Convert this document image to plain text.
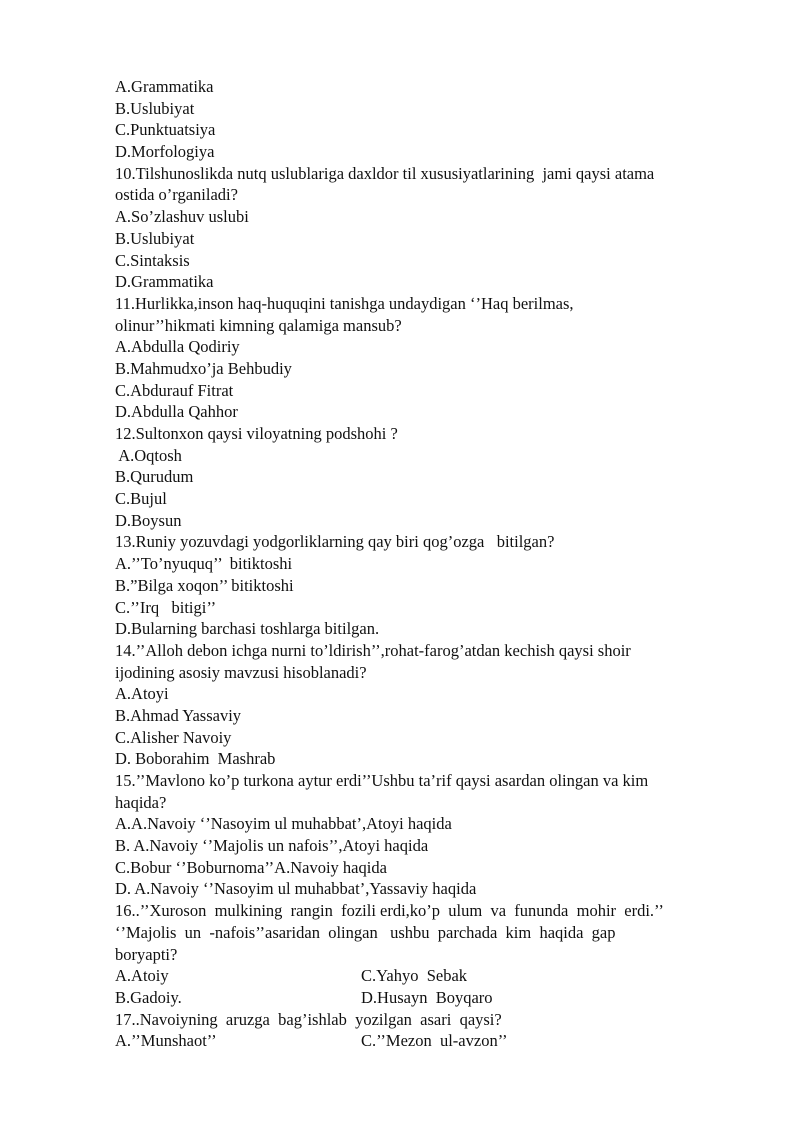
A.Grammatika
B.Uslubiyat
C.Punktuatsiya
D.Morfologiya
10.Tilshunoslikda nutq uslublariga daxldor til xususiyatlarining  jami qaysi atama
ostida o’rganiladi?
A.So’zlashuv uslubi
B.Uslubiyat
C.Sintaksis
D.Grammatika
11.Hurlikka,inson haq-huquqini tanishga undaydigan ‘’Haq berilmas,
olinur’’hikmati kimning qalamiga mansub?
A.Abdulla Qodiriy
B.Mahmudxo’ja Behbudiy
C.Abdurauf Fitrat
D.Abdulla Qahhor
12.Sultonxon qaysi viloyatning podshohi ?
A.Oqtosh
B.Qurudum
C.Bujul
D.Boysun
13.Runiy yozuvdagi yodgorliklarning qay biri qog’ozga   bitilgan?
A.’’To’nyuquq’’  bitiktoshi
B.”Bilga xoqon’’ bitiktoshi
C.’’Irq   bitigi’’
D.Bularning barchasi toshlarga bitilgan.
14.’’Alloh debon ichga nurni to’ldirish’’,rohat-farog’atdan kechish qaysi shoir
ijodining asosiy mavzusi hisoblanadi?
A.Atoyi
B.Ahmad Yassaviy
C.Alisher Navoiy
D. Boborahim  Mashrab
15.’’Mavlono ko’p turkona aytur erdi’’Ushbu ta’rif qaysi asardan olingan va kim
haqida?
A.A.Navoiy ‘’Nasoyim ul muhabbat’,Atoyi haqida
B. A.Navoiy ‘’Majolis un nafois’’,Atoyi haqida
C.Bobur ‘’Boburnoma’’A.Navoiy haqida
D. A.Navoiy ‘’Nasoyim ul muhabbat’,Yassaviy haqida
16..’’Xuroson  mulkining  rangin  fozili erdi,ko’p  ulum  va  fununda  mohir  erdi.’’
‘’Majolis  un  -nafois’’asaridan  olingan   ushbu  parchada  kim  haqida  gap
boryapti?
A.Atoiy	C.Yahyo  Sebak
B.Gadoiy.	D.Husayn  Boyqaro
17..Navoiyning  aruzga  bag’ishlab  yozilgan  asari  qaysi?
A.’’Munshaot’’	C.’’Mezon  ul-avzon’’
